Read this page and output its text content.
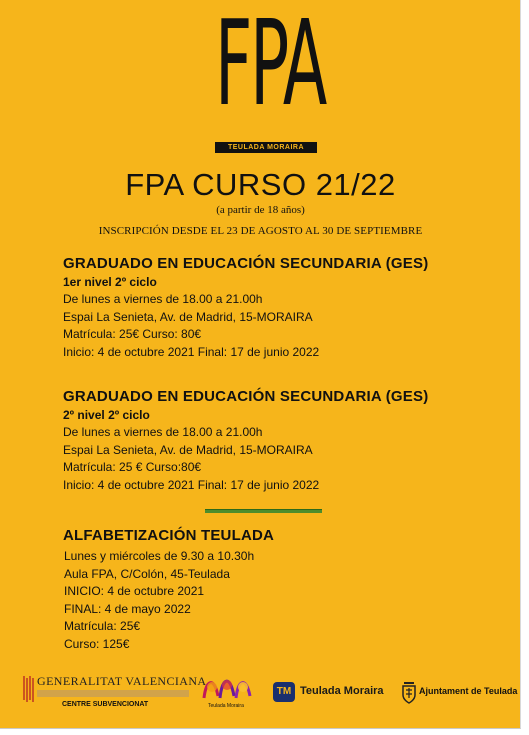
FPA
TEULADA MORAIRA
FPA CURSO 21/22
(a partir de 18 años)
INSCRIPCIÓN DESDE EL 23 DE AGOSTO AL 30 DE SEPTIEMBRE
GRADUADO EN EDUCACIÓN SECUNDARIA (GES)
1er nivel 2º ciclo
De lunes a viernes de 18.00 a 21.00h
Espai La Senieta, Av. de Madrid, 15-MORAIRA
Matrícula: 25€ Curso: 80€
Inicio: 4 de octubre 2021 Final: 17 de junio 2022
GRADUADO EN EDUCACIÓN SECUNDARIA (GES)
2º nivel 2º ciclo
De lunes a viernes de 18.00 a 21.00h
Espai La Senieta, Av. de Madrid, 15-MORAIRA
Matrícula: 25 € Curso:80€
Inicio: 4 de octubre 2021 Final: 17 de junio 2022
ALFABETIZACIÓN TEULADA
Lunes y miércoles de 9.30 a 10.30h
Aula FPA, C/Colón, 45-Teulada
INICIO: 4 de octubre 2021
FINAL: 4 de mayo 2022
Matrícula: 25€
Curso: 125€
GENERALITAT VALENCIANA
CENTRE SUBVENCIONAT	Teulada Moraira
TM Teulada Moraira	Ajuntament de Teulada
